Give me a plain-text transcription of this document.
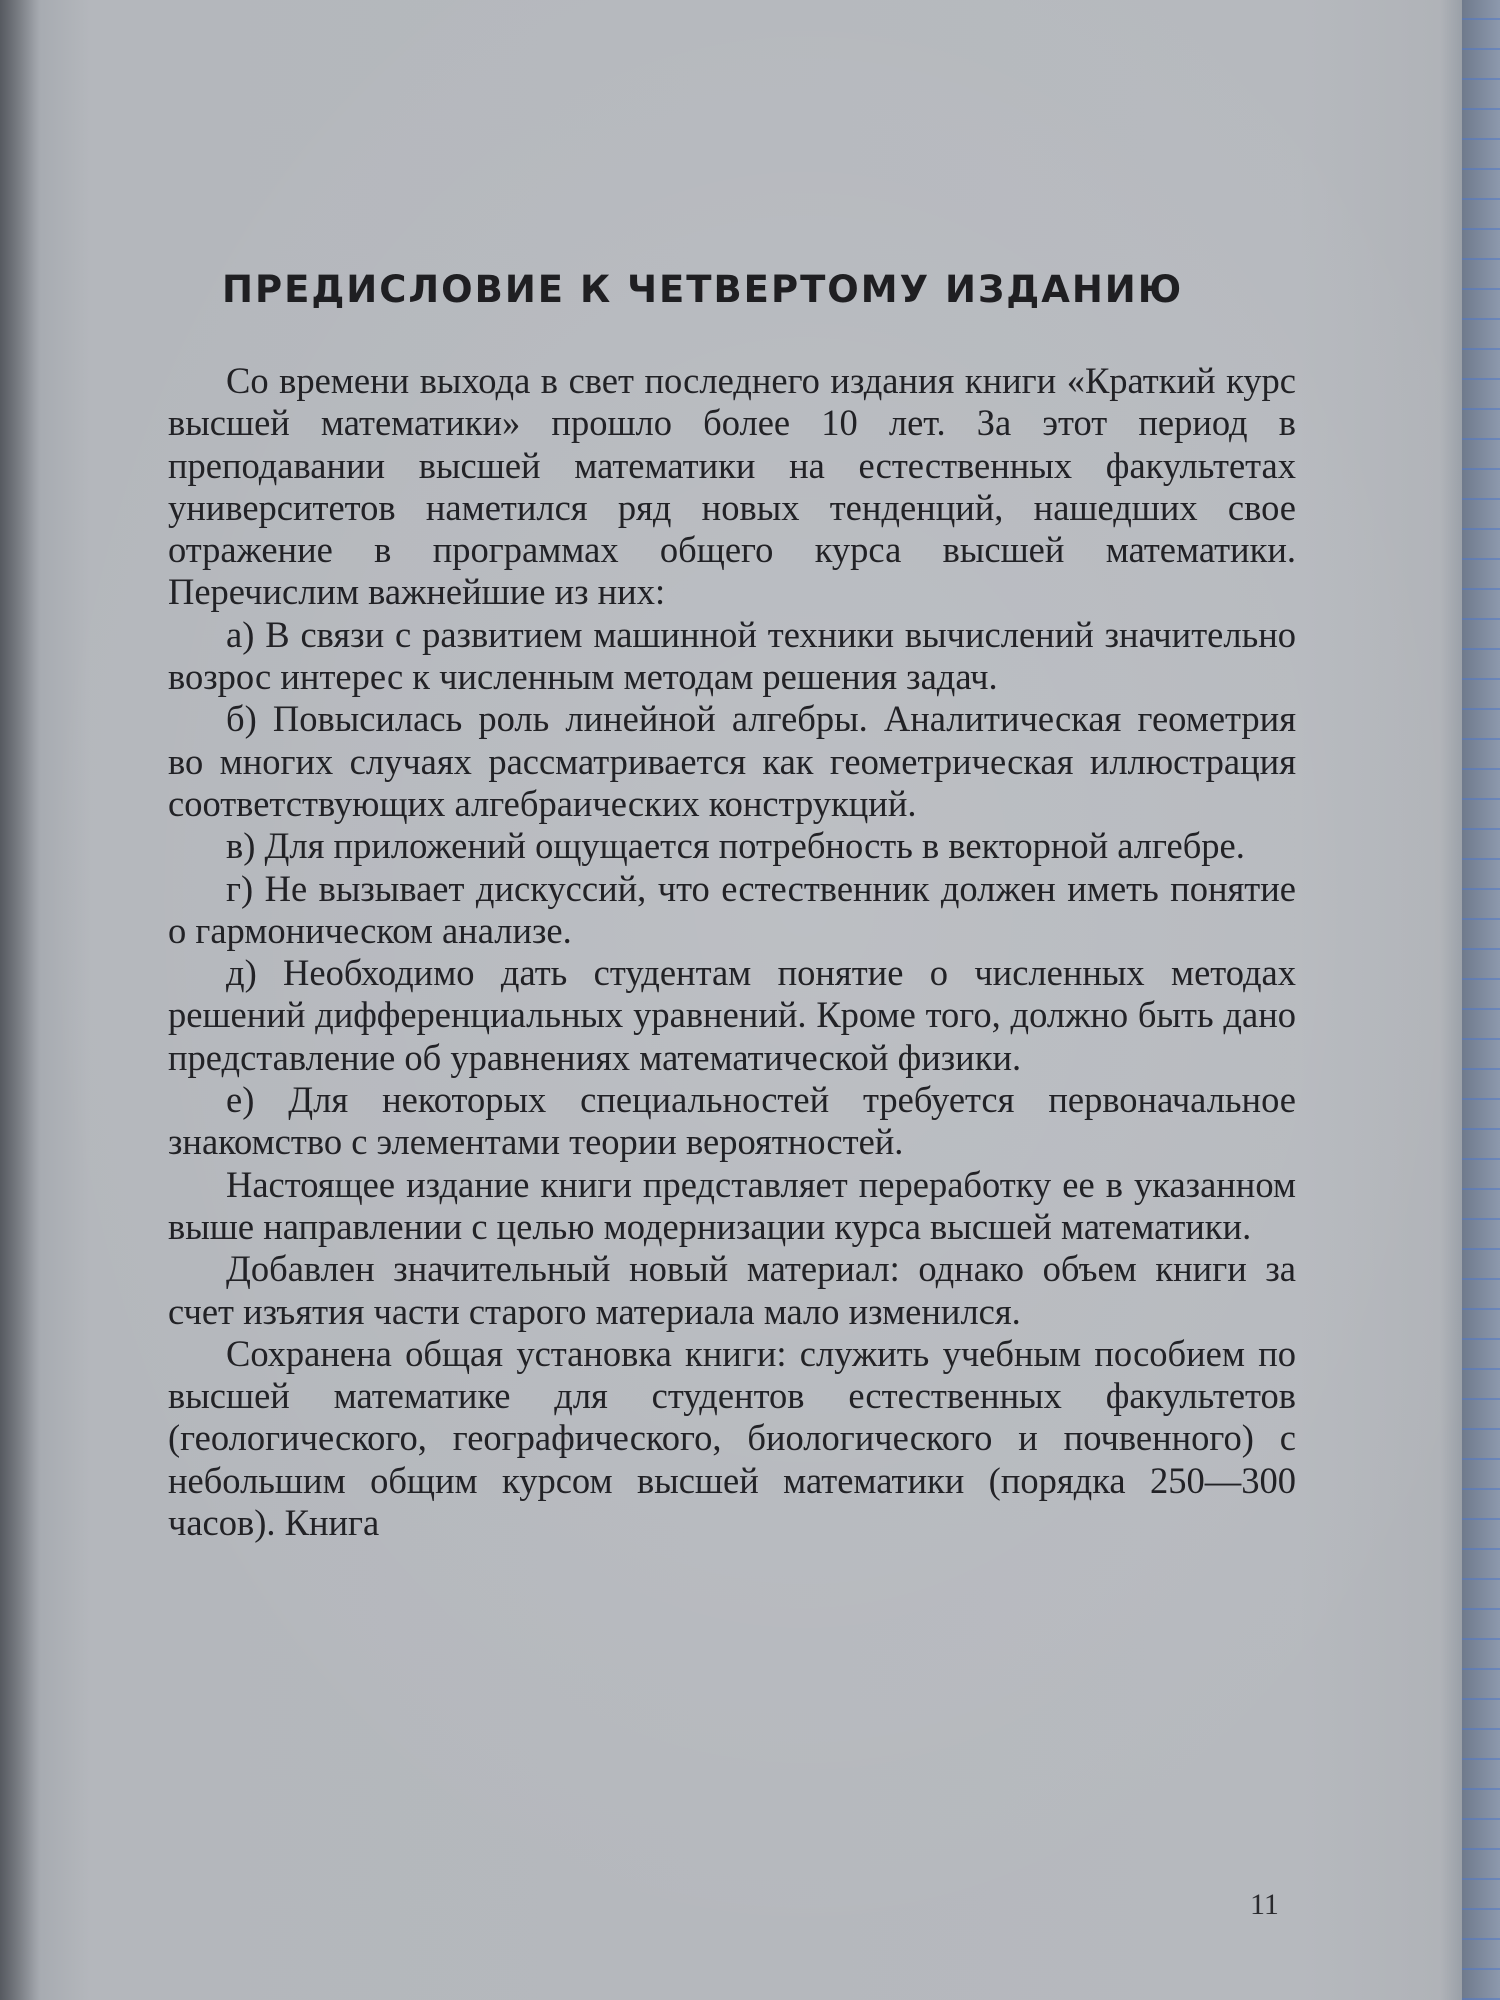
ПРЕДИСЛОВИЕ К ЧЕТВЕРТОМУ ИЗДАНИЮ

Со времени выхода в свет последнего издания книги «Краткий курс высшей математики» прошло более 10 лет. За этот период в преподавании высшей математики на естественных факультетах университетов наметился ряд новых тенденций, нашедших свое отражение в программах общего курса высшей математики. Перечислим важнейшие из них:

а) В связи с развитием машинной техники вычислений значительно возрос интерес к численным методам решения задач.

б) Повысилась роль линейной алгебры. Аналитическая геометрия во многих случаях рассматривается как геометрическая иллюстрация соответствующих алгебраических конструкций.

в) Для приложений ощущается потребность в векторной алгебре.

г) Не вызывает дискуссий, что естественник должен иметь понятие о гармоническом анализе.

д) Необходимо дать студентам понятие о численных методах решений дифференциальных уравнений. Кроме того, должно быть дано представление об уравнениях математической физики.

е) Для некоторых специальностей требуется первоначальное знакомство с элементами теории вероятностей.

Настоящее издание книги представляет переработку ее в указанном выше направлении с целью модернизации курса высшей математики.

Добавлен значительный новый материал: однако объем книги за счет изъятия части старого материала мало изменился.

Сохранена общая установка книги: служить учебным пособием по высшей математике для студентов естественных факультетов (геологического, географического, биологического и почвенного) с небольшим общим курсом высшей математики (порядка 250—300 часов). Книга

11
